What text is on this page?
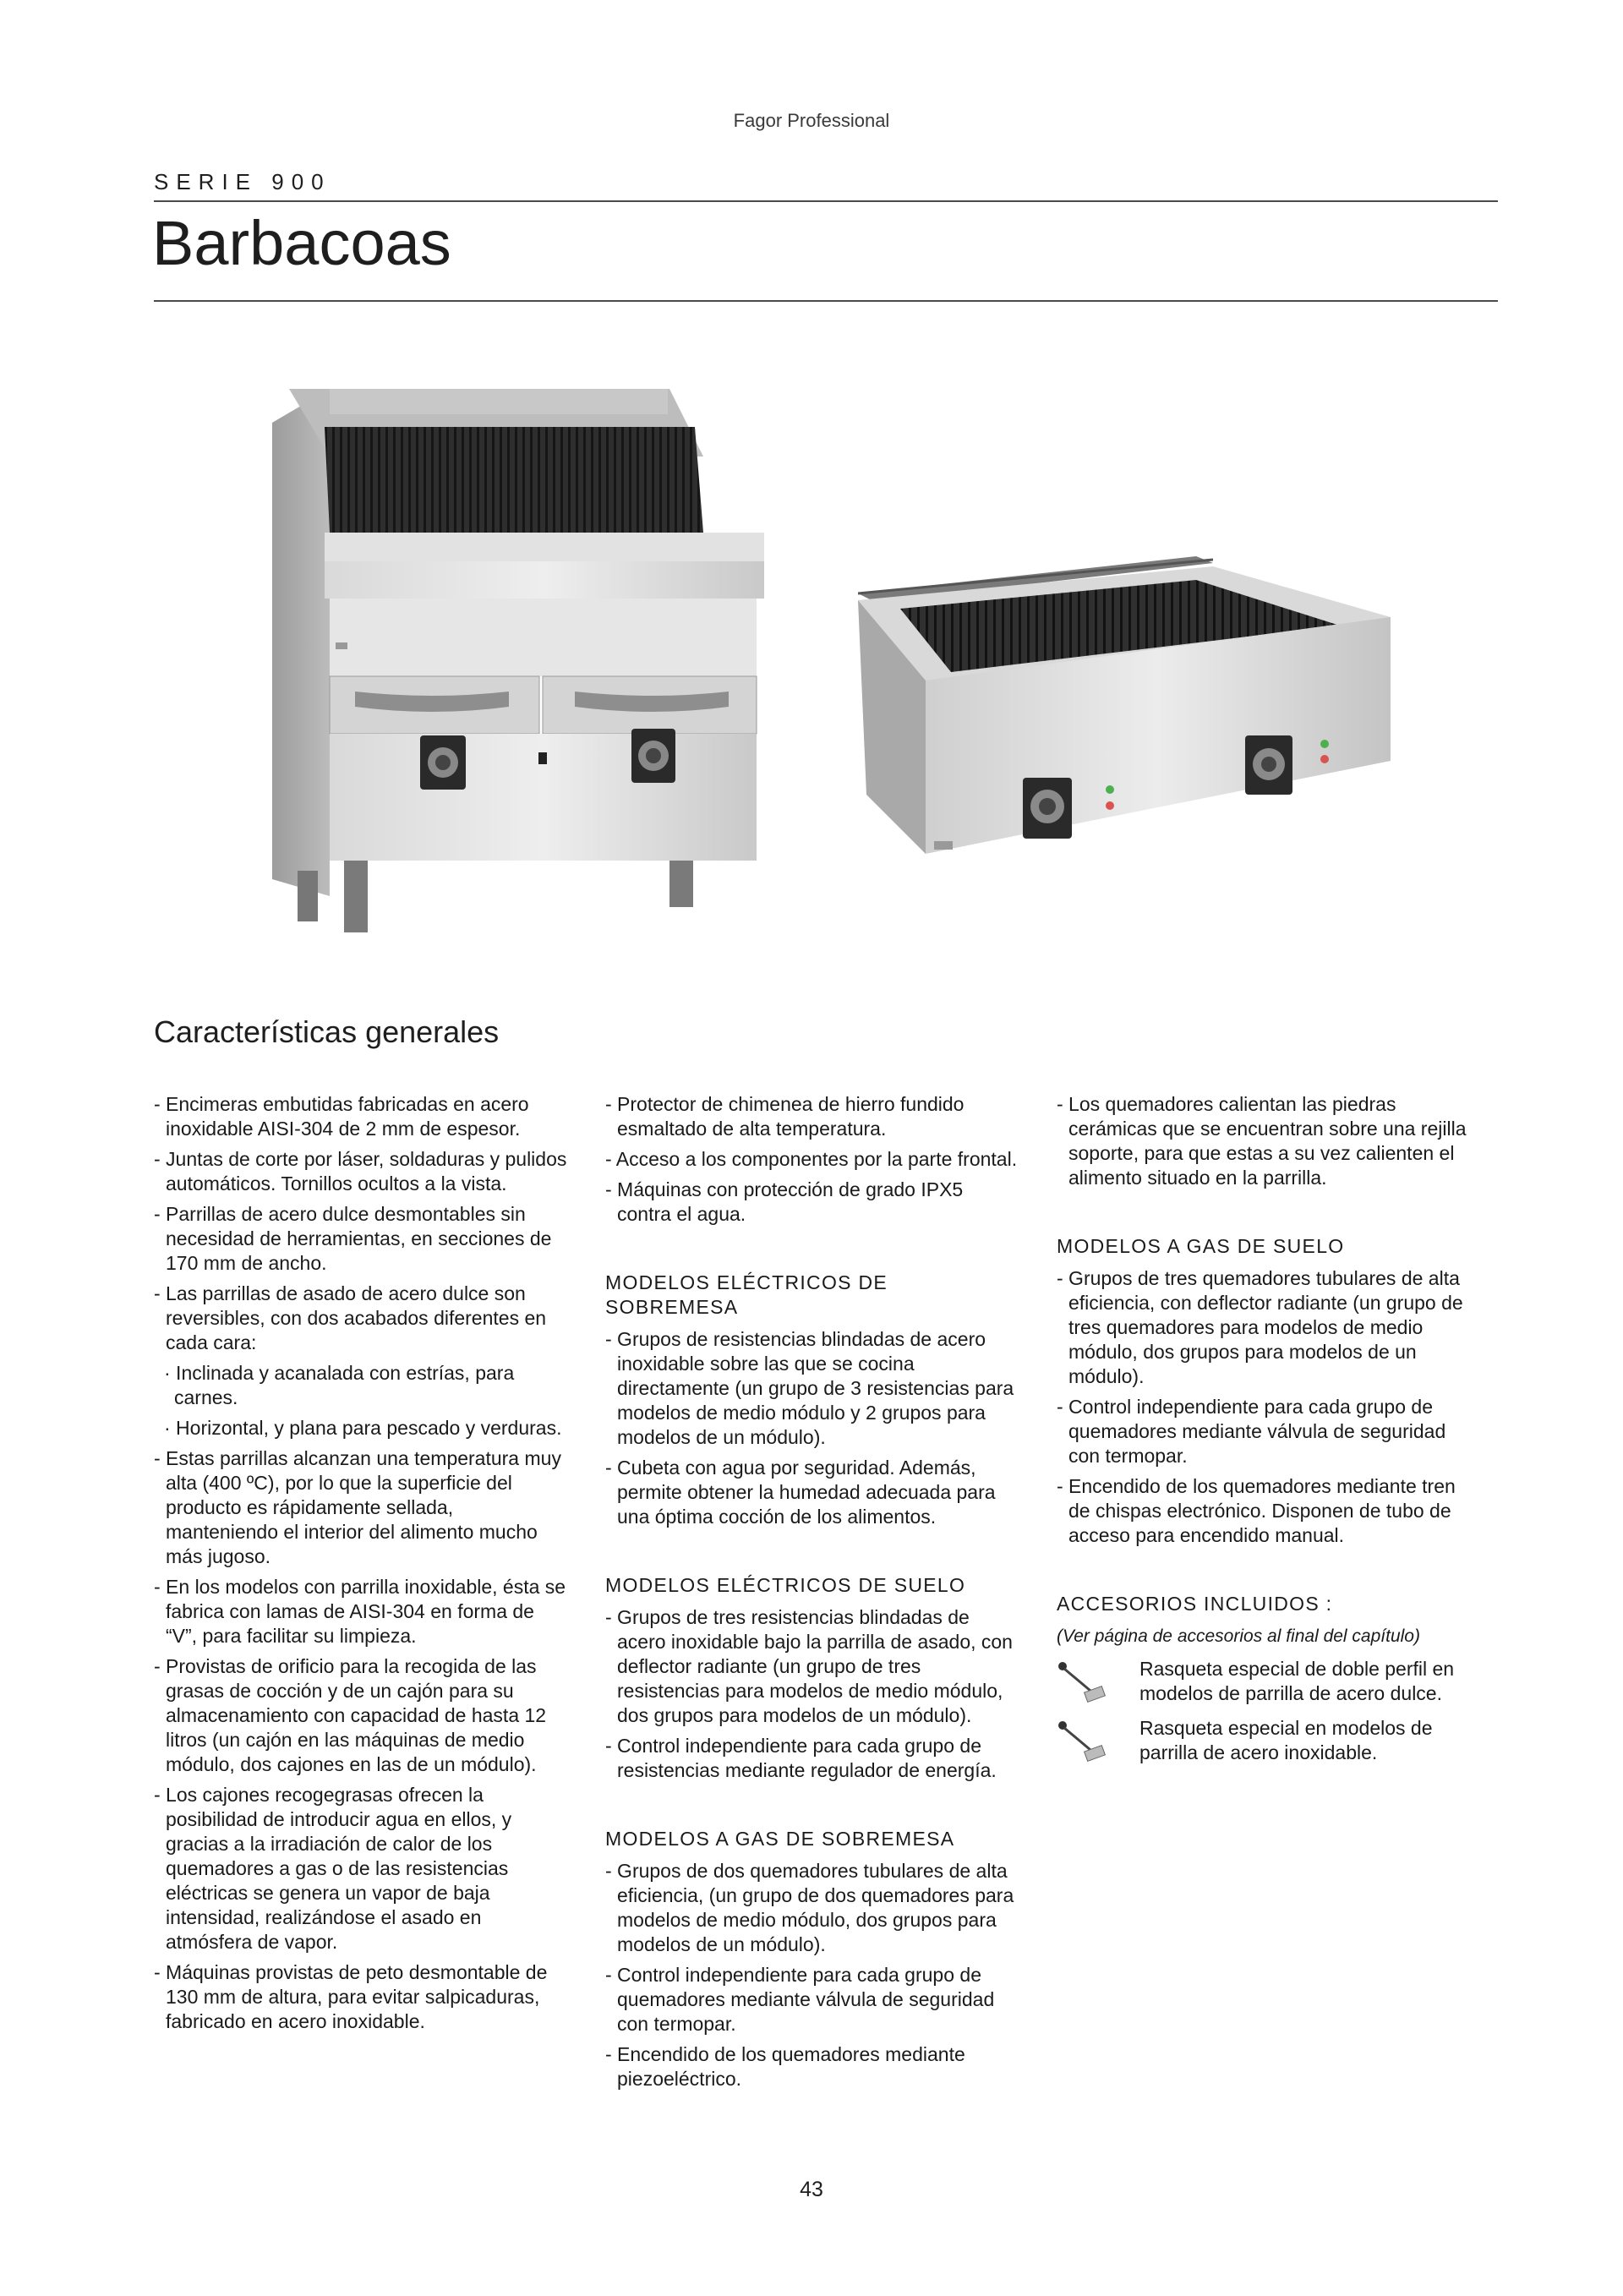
Fagor Professional
SERIE 900
Barbacoas
Características generales

- Encimeras embutidas fabricadas en acero inoxidable AISI-304 de 2 mm de espesor.

- Juntas de corte por láser, soldaduras y pulidos automáticos. Tornillos ocultos a la vista.

- Parrillas de acero dulce desmontables sin necesidad de herramientas, en secciones de 170 mm de ancho.

- Las parrillas de asado de acero dulce son reversibles, con dos acabados diferentes en cada cara:

· Inclinada y acanalada con estrías, para carnes.

· Horizontal, y plana para pescado y verduras.

- Estas parrillas alcanzan una temperatura muy alta (400 ºC), por lo que la superficie del producto es rápidamente sellada, manteniendo el interior del alimento mucho más jugoso.

- En los modelos con parrilla inoxidable, ésta se fabrica con lamas de AISI-304 en forma de “V”, para facilitar su limpieza.

- Provistas de orificio para la recogida de las grasas de cocción y de un cajón para su almacenamiento con capacidad de hasta 12 litros (un cajón en las máquinas de medio módulo, dos cajones en las de un módulo).

- Los cajones recogegrasas ofrecen la posibilidad de introducir agua en ellos, y gracias a la irradiación de calor de los quemadores a gas o de las resistencias eléctricas se genera un vapor de baja intensidad, realizándose el asado en atmósfera de vapor.

- Máquinas provistas de peto desmontable de 130 mm de altura, para evitar salpicaduras, fabricado en acero inoxidable.

- Protector de chimenea de hierro fundido esmaltado de alta temperatura.

- Acceso a los componentes por la parte frontal.

- Máquinas con protección de grado IPX5 contra el agua.

MODELOS ELÉCTRICOS DE SOBREMESA

- Grupos de resistencias blindadas de acero inoxidable sobre las que se cocina directamente (un grupo de 3 resistencias para modelos de medio módulo y 2 grupos para modelos de un módulo).

- Cubeta con agua por seguridad. Además, permite obtener la humedad adecuada para una óptima cocción de los alimentos.

MODELOS ELÉCTRICOS DE SUELO

- Grupos de tres resistencias blindadas de acero inoxidable bajo la parrilla de asado, con deflector radiante (un grupo de tres resistencias para modelos de medio módulo, dos grupos para modelos de un módulo).

- Control independiente para cada grupo de resistencias mediante regulador de energía.

MODELOS A GAS DE SOBREMESA

- Grupos de dos quemadores tubulares de alta eficiencia, (un grupo de dos quemadores para modelos de medio módulo, dos grupos para modelos de un módulo).

- Control independiente para cada grupo de quemadores mediante válvula de seguridad con termopar.

- Encendido de los quemadores mediante piezoeléctrico.

- Los quemadores calientan las piedras cerámicas que se encuentran sobre una rejilla soporte, para que estas a su vez calienten el alimento situado en la parrilla.

MODELOS A GAS DE SUELO

- Grupos de tres quemadores tubulares de alta eficiencia, con deflector radiante (un grupo de tres quemadores para modelos de medio módulo, dos grupos para modelos de un módulo).

- Control independiente para cada grupo de quemadores mediante válvula de seguridad con termopar.

- Encendido de los quemadores mediante tren de chispas electrónico. Disponen de tubo de acceso para encendido manual.

ACCESORIOS INCLUIDOS :

(Ver página de accesorios al final del capítulo)

Rasqueta especial de doble perfil en modelos de parrilla de acero dulce.
Rasqueta especial en modelos de parrilla de acero inoxidable.
43
